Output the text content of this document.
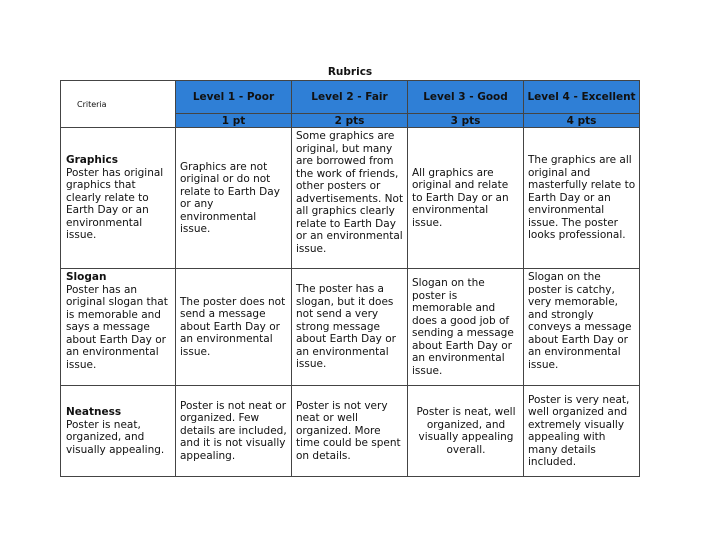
Rubrics				
Criteria	Level 1 - Poor	Level 2 - Fair	Level 3 - Good	Level 4 - Excellent
	1 pt	2 pts	3 pts	4 pts

Graphics
Poster has original graphics that clearly relate to Earth Day or an environmental issue.	Graphics are not original or do not relate to Earth Day or any environmental issue.	Some graphics are original, but many are borrowed from the work of friends, other posters or advertisements. Not all graphics clearly relate to Earth Day or an environmental issue.	All graphics are original and relate to Earth Day or an environmental issue.	The graphics are all original and masterfully relate to Earth Day or an environmental issue. The poster looks professional.

Slogan
Poster has an original slogan that is memorable and says a message about Earth Day or an environmental issue.	The poster does not send a message about Earth Day or an environmental issue.	The poster has a slogan, but it does not send a very strong message about Earth Day or an environmental issue.	Slogan on the poster is memorable and does a good job of sending a message about Earth Day or an environmental issue.	Slogan on the poster is catchy, very memorable, and strongly conveys a message about Earth Day or an environmental issue.

Neatness
Poster is neat, organized, and visually appealing.	Poster is not neat or organized. Few details are included, and it is not visually appealing.	Poster is not very neat or well organized. More time could be spent on details.	Poster is neat, well organized, and visually appealing overall.	Poster is very neat, well organized and extremely visually appealing with many details included.
